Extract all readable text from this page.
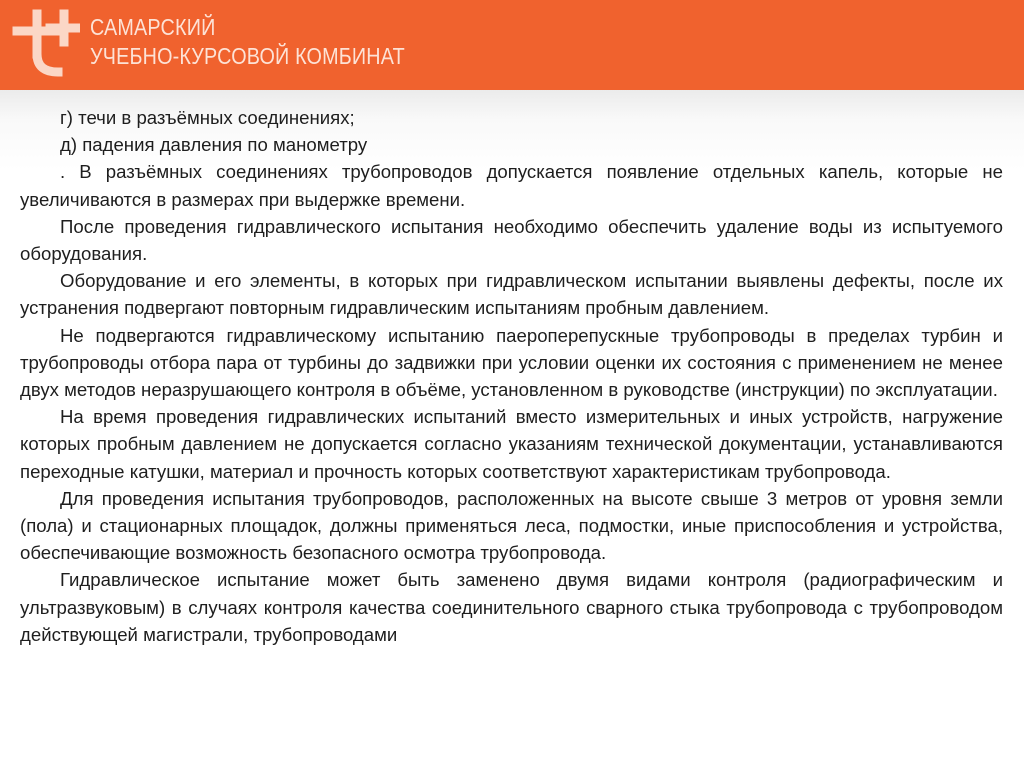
САМАРСКИЙ
УЧЕБНО-КУРСОВОЙ КОМБИНАТ

г) течи в разъёмных соединениях;

д) падения давления по манометру

. В разъёмных соединениях трубопроводов допускается появление отдельных капель, которые не увеличиваются в размерах при выдержке времени.

После проведения гидравлического испытания необходимо обеспечить удаление воды из испытуемого оборудования.

Оборудование и его элементы, в которых при гидравлическом испытании выявлены дефекты, после их устранения подвергают повторным гидравлическим испытаниям пробным давлением.

Не подвергаются гидравлическому испытанию паероперепускные трубопроводы в пределах турбин и трубопроводы отбора пара от турбины до задвижки при условии оценки их состояния с применением не менее двух методов неразрушающего контроля в объёме, установленном в руководстве (инструкции) по эксплуатации.

На время проведения гидравлических испытаний вместо измерительных и иных устройств, нагружение которых пробным давлением не допускается согласно указаниям технической документации, устанавливаются переходные катушки, материал и прочность которых соответствуют характеристикам трубопровода.

Для проведения испытания трубопроводов, расположенных на высоте свыше 3 метров от уровня земли (пола) и стационарных площадок, должны применяться леса, подмостки, иные приспособления и устройства, обеспечивающие возможность безопасного осмотра трубопровода.

Гидравлическое испытание может быть заменено двумя видами контроля (радиографическим и ультразвуковым) в случаях контроля качества соединительного сварного стыка трубопровода с трубопроводом действующей магистрали, трубопроводами
